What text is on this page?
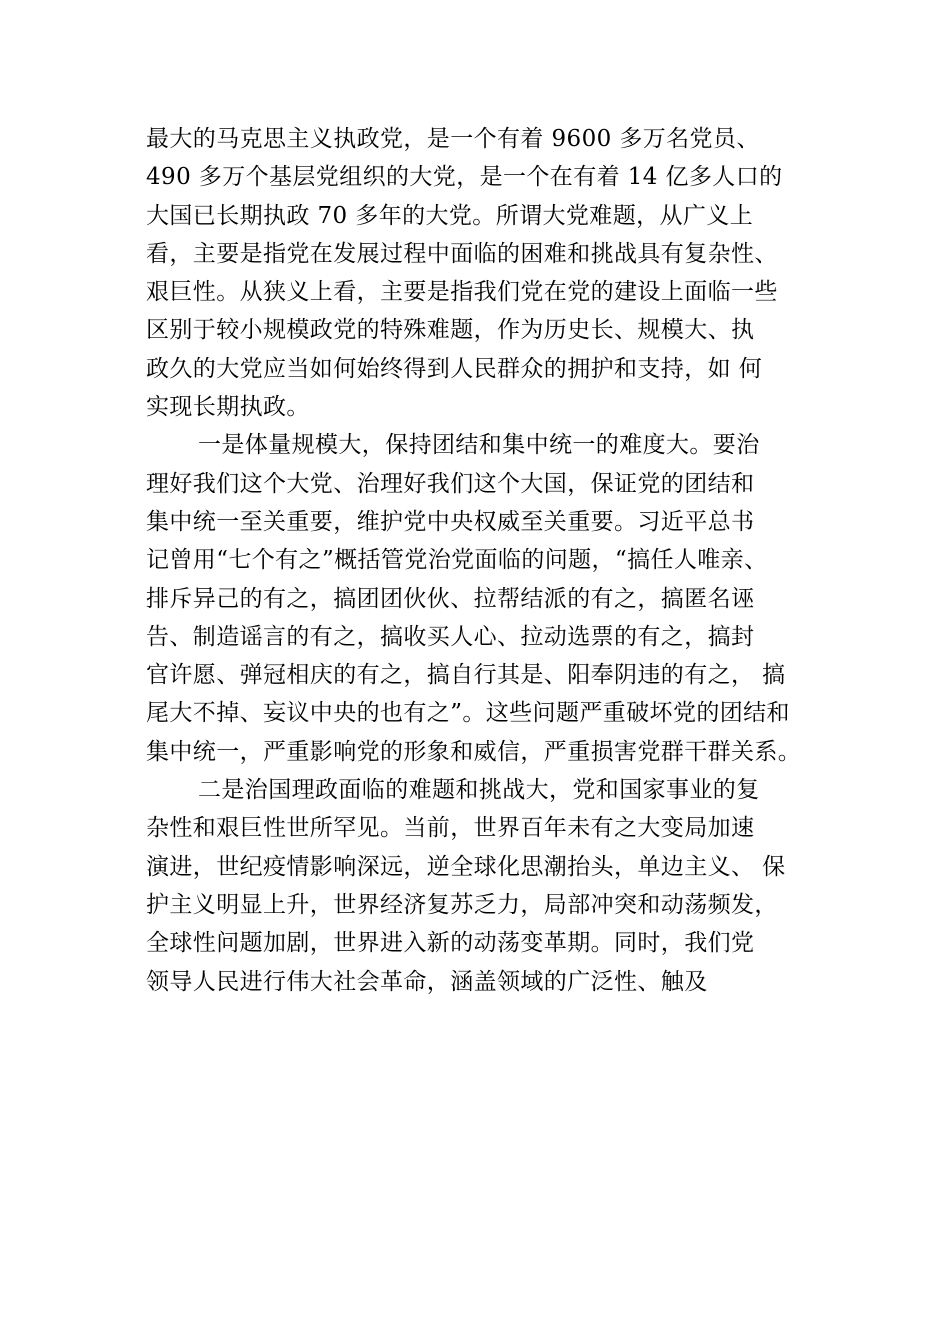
最大的马克思主义执政党，是一个有着 9600 多万名党员、
490 多万个基层党组织的大党，是一个在有着 14 亿多人口的
大国已长期执政 70 多年的大党。所谓大党难题，从广义上
看，主要是指党在发展过程中面临的困难和挑战具有复杂性、
艰巨性。从狭义上看，主要是指我们党在党的建设上面临一些
区别于较小规模政党的特殊难题，作为历史长、规模大、执
政久的大党应当如何始终得到人民群众的拥护和支持，如 何
实现长期执政。
一是体量规模大，保持团结和集中统一的难度大。要治
理好我们这个大党、治理好我们这个大国，保证党的团结和
集中统一至关重要，维护党中央权威至关重要。习近平总书
记曾用“七个有之”概括管党治党面临的问题，“搞任人唯亲、
排斥异己的有之，搞团团伙伙、拉帮结派的有之，搞匿名诬
告、制造谣言的有之，搞收买人心、拉动选票的有之，搞封
官许愿、弹冠相庆的有之，搞自行其是、阳奉阴违的有之， 搞
尾大不掉、妄议中央的也有之”。这些问题严重破坏党的团结和
集中统一，严重影响党的形象和威信，严重损害党群干群关系。
二是治国理政面临的难题和挑战大，党和国家事业的复
杂性和艰巨性世所罕见。当前，世界百年未有之大变局加速
演进，世纪疫情影响深远，逆全球化思潮抬头，单边主义、 保
护主义明显上升，世界经济复苏乏力，局部冲突和动荡频发，
全球性问题加剧，世界进入新的动荡变革期。同时，我们党
领导人民进行伟大社会革命，涵盖领域的广泛性、触及
